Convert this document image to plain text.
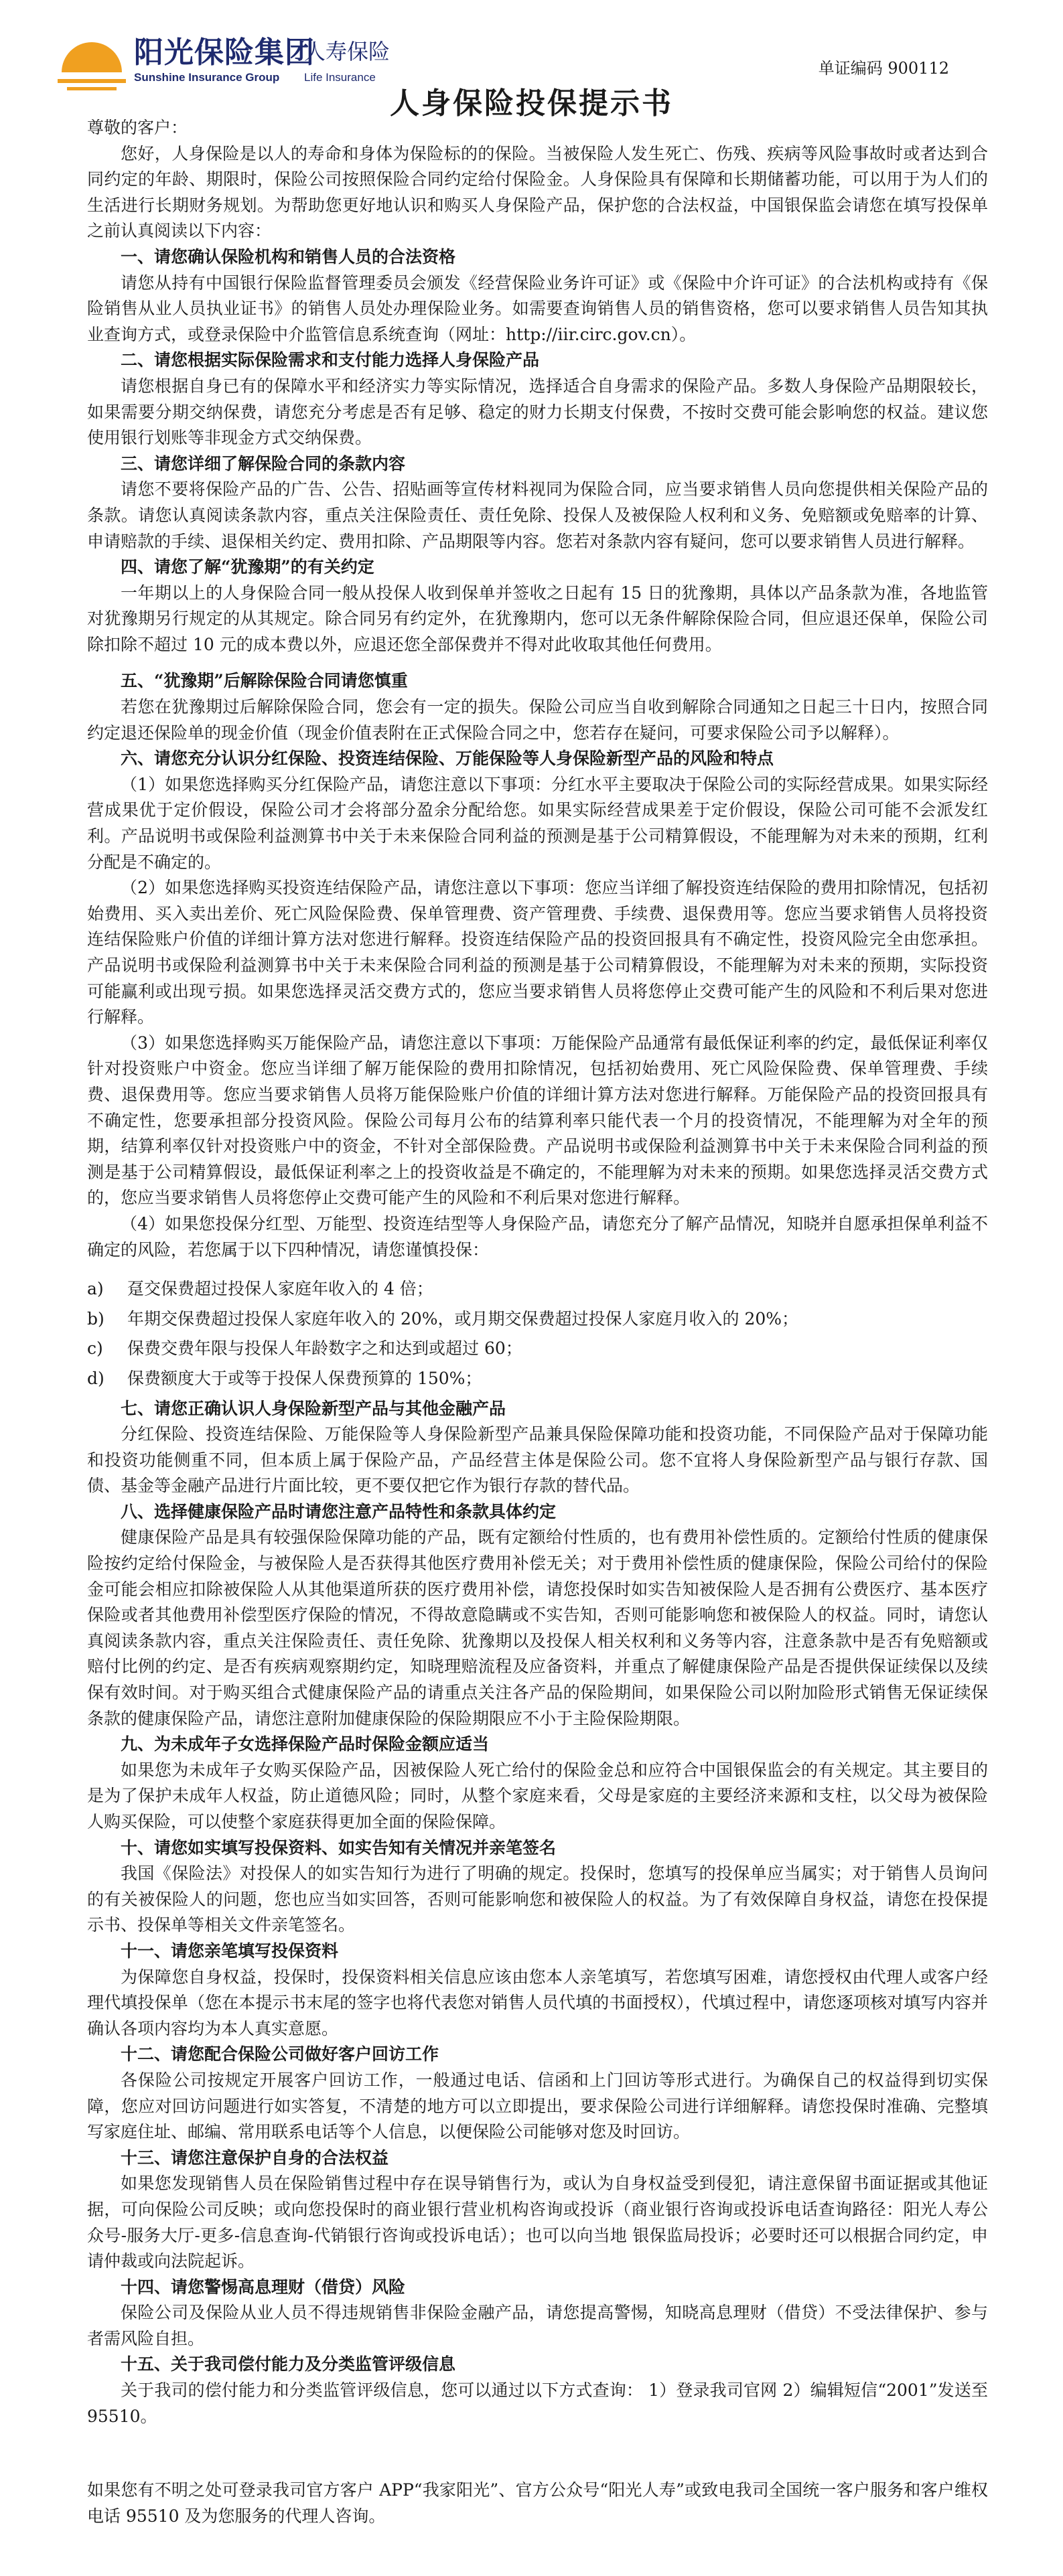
阳光保险集团
人寿保险
Sunshine Insurance Group Life Insurance	单证编码 900112
人身保险投保提示书

尊敬的客户：

您好，人身保险是以人的寿命和身体为保险标的的保险。当被保险人发生死亡、伤残、疾病等风险事故时或者达到合同约定的年龄、期限时，保险公司按照保险合同约定给付保险金。人身保险具有保障和长期储蓄功能，可以用于为人们的生活进行长期财务规划。为帮助您更好地认识和购买人身保险产品，保护您的合法权益，中国银保监会请您在填写投保单之前认真阅读以下内容：

一、请您确认保险机构和销售人员的合法资格

请您从持有中国银行保险监督管理委员会颁发《经营保险业务许可证》或《保险中介许可证》的合法机构或持有《保险销售从业人员执业证书》的销售人员处办理保险业务。如需要查询销售人员的销售资格，您可以要求销售人员告知其执业查询方式，或登录保险中介监管信息系统查询（网址：http://iir.circ.gov.cn）。

二、请您根据实际保险需求和支付能力选择人身保险产品

请您根据自身已有的保障水平和经济实力等实际情况，选择适合自身需求的保险产品。多数人身保险产品期限较长，如果需要分期交纳保费，请您充分考虑是否有足够、稳定的财力长期支付保费，不按时交费可能会影响您的权益。建议您使用银行划账等非现金方式交纳保费。

三、请您详细了解保险合同的条款内容

请您不要将保险产品的广告、公告、招贴画等宣传材料视同为保险合同，应当要求销售人员向您提供相关保险产品的条款。请您认真阅读条款内容，重点关注保险责任、责任免除、投保人及被保险人权利和义务、免赔额或免赔率的计算、申请赔款的手续、退保相关约定、费用扣除、产品期限等内容。您若对条款内容有疑问，您可以要求销售人员进行解释。

四、请您了解“犹豫期”的有关约定

一年期以上的人身保险合同一般从投保人收到保单并签收之日起有 15 日的犹豫期，具体以产品条款为准，各地监管对犹豫期另行规定的从其规定。除合同另有约定外，在犹豫期内，您可以无条件解除保险合同，但应退还保单，保险公司除扣除不超过 10 元的成本费以外，应退还您全部保费并不得对此收取其他任何费用。

五、“犹豫期”后解除保险合同请您慎重

若您在犹豫期过后解除保险合同，您会有一定的损失。保险公司应当自收到解除合同通知之日起三十日内，按照合同约定退还保险单的现金价值（现金价值表附在正式保险合同之中，您若存在疑问，可要求保险公司予以解释）。

六、请您充分认识分红保险、投资连结保险、万能保险等人身保险新型产品的风险和特点

（1）如果您选择购买分红保险产品，请您注意以下事项：分红水平主要取决于保险公司的实际经营成果。如果实际经营成果优于定价假设，保险公司才会将部分盈余分配给您。如果实际经营成果差于定价假设，保险公司可能不会派发红利。产品说明书或保险利益测算书中关于未来保险合同利益的预测是基于公司精算假设，不能理解为对未来的预期，红利分配是不确定的。

（2）如果您选择购买投资连结保险产品，请您注意以下事项：您应当详细了解投资连结保险的费用扣除情况，包括初始费用、买入卖出差价、死亡风险保险费、保单管理费、资产管理费、手续费、退保费用等。您应当要求销售人员将投资连结保险账户价值的详细计算方法对您进行解释。投资连结保险产品的投资回报具有不确定性，投资风险完全由您承担。产品说明书或保险利益测算书中关于未来保险合同利益的预测是基于公司精算假设，不能理解为对未来的预期，实际投资可能赢利或出现亏损。如果您选择灵活交费方式的，您应当要求销售人员将您停止交费可能产生的风险和不利后果对您进行解释。

（3）如果您选择购买万能保险产品，请您注意以下事项：万能保险产品通常有最低保证利率的约定，最低保证利率仅针对投资账户中资金。您应当详细了解万能保险的费用扣除情况，包括初始费用、死亡风险保险费、保单管理费、手续费、退保费用等。您应当要求销售人员将万能保险账户价值的详细计算方法对您进行解释。万能保险产品的投资回报具有不确定性，您要承担部分投资风险。保险公司每月公布的结算利率只能代表一个月的投资情况，不能理解为对全年的预期，结算利率仅针对投资账户中的资金，不针对全部保险费。产品说明书或保险利益测算书中关于未来保险合同利益的预测是基于公司精算假设，最低保证利率之上的投资收益是不确定的，不能理解为对未来的预期。如果您选择灵活交费方式的，您应当要求销售人员将您停止交费可能产生的风险和不利后果对您进行解释。

（4）如果您投保分红型、万能型、投资连结型等人身保险产品，请您充分了解产品情况，知晓并自愿承担保单利益不确定的风险，若您属于以下四种情况，请您谨慎投保：

a)	趸交保费超过投保人家庭年收入的 4 倍；

b)	年期交保费超过投保人家庭年收入的 20%，或月期交保费超过投保人家庭月收入的 20%；

c)	保费交费年限与投保人年龄数字之和达到或超过 60；

d)	保费额度大于或等于投保人保费预算的 150%；

七、请您正确认识人身保险新型产品与其他金融产品

分红保险、投资连结保险、万能保险等人身保险新型产品兼具保险保障功能和投资功能，不同保险产品对于保障功能和投资功能侧重不同，但本质上属于保险产品，产品经营主体是保险公司。您不宜将人身保险新型产品与银行存款、国债、基金等金融产品进行片面比较，更不要仅把它作为银行存款的替代品。

八、选择健康保险产品时请您注意产品特性和条款具体约定

健康保险产品是具有较强保险保障功能的产品，既有定额给付性质的，也有费用补偿性质的。定额给付性质的健康保险按约定给付保险金，与被保险人是否获得其他医疗费用补偿无关；对于费用补偿性质的健康保险，保险公司给付的保险金可能会相应扣除被保险人从其他渠道所获的医疗费用补偿，请您投保时如实告知被保险人是否拥有公费医疗、基本医疗保险或者其他费用补偿型医疗保险的情况，不得故意隐瞒或不实告知，否则可能影响您和被保险人的权益。同时，请您认真阅读条款内容，重点关注保险责任、责任免除、犹豫期以及投保人相关权利和义务等内容，注意条款中是否有免赔额或赔付比例的约定、是否有疾病观察期约定，知晓理赔流程及应备资料，并重点了解健康保险产品是否提供保证续保以及续保有效时间。对于购买组合式健康保险产品的请重点关注各产品的保险期间，如果保险公司以附加险形式销售无保证续保条款的健康保险产品，请您注意附加健康保险的保险期限应不小于主险保险期限。

九、为未成年子女选择保险产品时保险金额应适当

如果您为未成年子女购买保险产品，因被保险人死亡给付的保险金总和应符合中国银保监会的有关规定。其主要目的是为了保护未成年人权益，防止道德风险；同时，从整个家庭来看，父母是家庭的主要经济来源和支柱，以父母为被保险人购买保险，可以使整个家庭获得更加全面的保险保障。

十、请您如实填写投保资料、如实告知有关情况并亲笔签名

我国《保险法》对投保人的如实告知行为进行了明确的规定。投保时，您填写的投保单应当属实；对于销售人员询问的有关被保险人的问题，您也应当如实回答，否则可能影响您和被保险人的权益。为了有效保障自身权益，请您在投保提示书、投保单等相关文件亲笔签名。

十一、请您亲笔填写投保资料

为保障您自身权益，投保时，投保资料相关信息应该由您本人亲笔填写，若您填写困难，请您授权由代理人或客户经理代填投保单（您在本提示书末尾的签字也将代表您对销售人员代填的书面授权），代填过程中，请您逐项核对填写内容并确认各项内容均为本人真实意愿。

十二、请您配合保险公司做好客户回访工作

各保险公司按规定开展客户回访工作，一般通过电话、信函和上门回访等形式进行。为确保自己的权益得到切实保障，您应对回访问题进行如实答复，不清楚的地方可以立即提出，要求保险公司进行详细解释。请您投保时准确、完整填写家庭住址、邮编、常用联系电话等个人信息，以便保险公司能够对您及时回访。

十三、请您注意保护自身的合法权益

如果您发现销售人员在保险销售过程中存在误导销售行为，或认为自身权益受到侵犯，请注意保留书面证据或其他证据，可向保险公司反映；或向您投保时的商业银行营业机构咨询或投诉（商业银行咨询或投诉电话查询路径：阳光人寿公众号-服务大厅-更多-信息查询-代销银行咨询或投诉电话）；也可以向当地 银保监局投诉；必要时还可以根据合同约定，申请仲裁或向法院起诉。

十四、请您警惕高息理财（借贷）风险

保险公司及保险从业人员不得违规销售非保险金融产品，请您提高警惕，知晓高息理财（借贷）不受法律保护、参与者需风险自担。

十五、关于我司偿付能力及分类监管评级信息

关于我司的偿付能力和分类监管评级信息，您可以通过以下方式查询： 1）登录我司官网 2）编辑短信“2001”发送至 95510。

如果您有不明之处可登录我司官方客户 APP“我家阳光”、官方公众号“阳光人寿”或致电我司全国统一客户服务和客户维权电话 95510 及为您服务的代理人咨询。
